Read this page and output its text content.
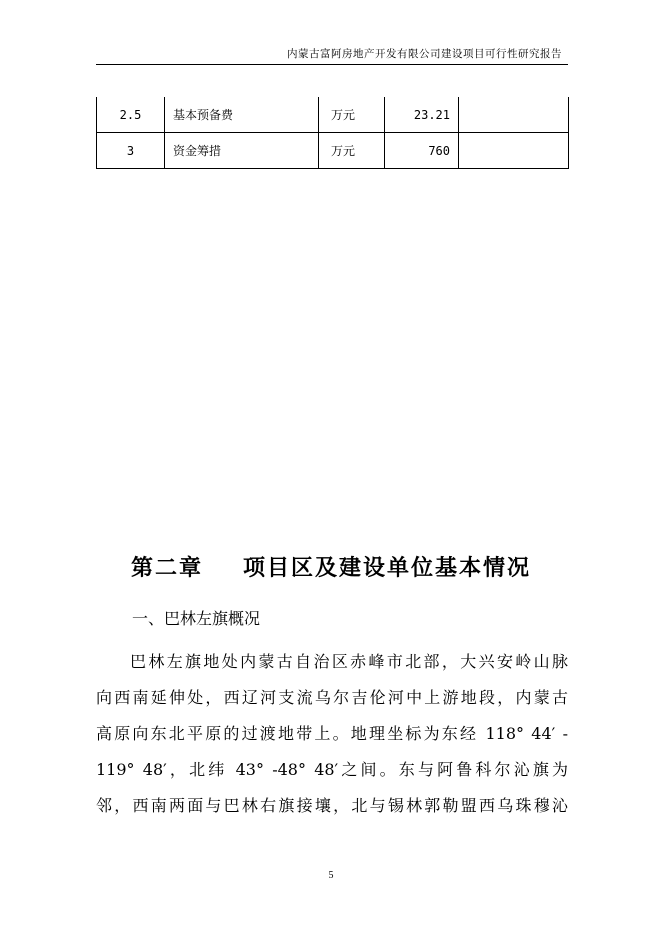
内蒙古富阿房地产开发有限公司建设项目可行性研究报告
2.5	基本预备费	万元	23.21	
3	资金筹措	万元	760	
第二章 项目区及建设单位基本情况
一、巴林左旗概况
巴林左旗地处内蒙古自治区赤峰市北部，大兴安岭山脉
向西南延伸处，西辽河支流乌尔吉伦河中上游地段，内蒙古
高原向东北平原的过渡地带上。地理坐标为东经 118° 44′ -
119° 48′，北纬 43° -48° 48′之间。东与阿鲁科尔沁旗为
邻，西南两面与巴林右旗接壤，北与锡林郭勒盟西乌珠穆沁
5
